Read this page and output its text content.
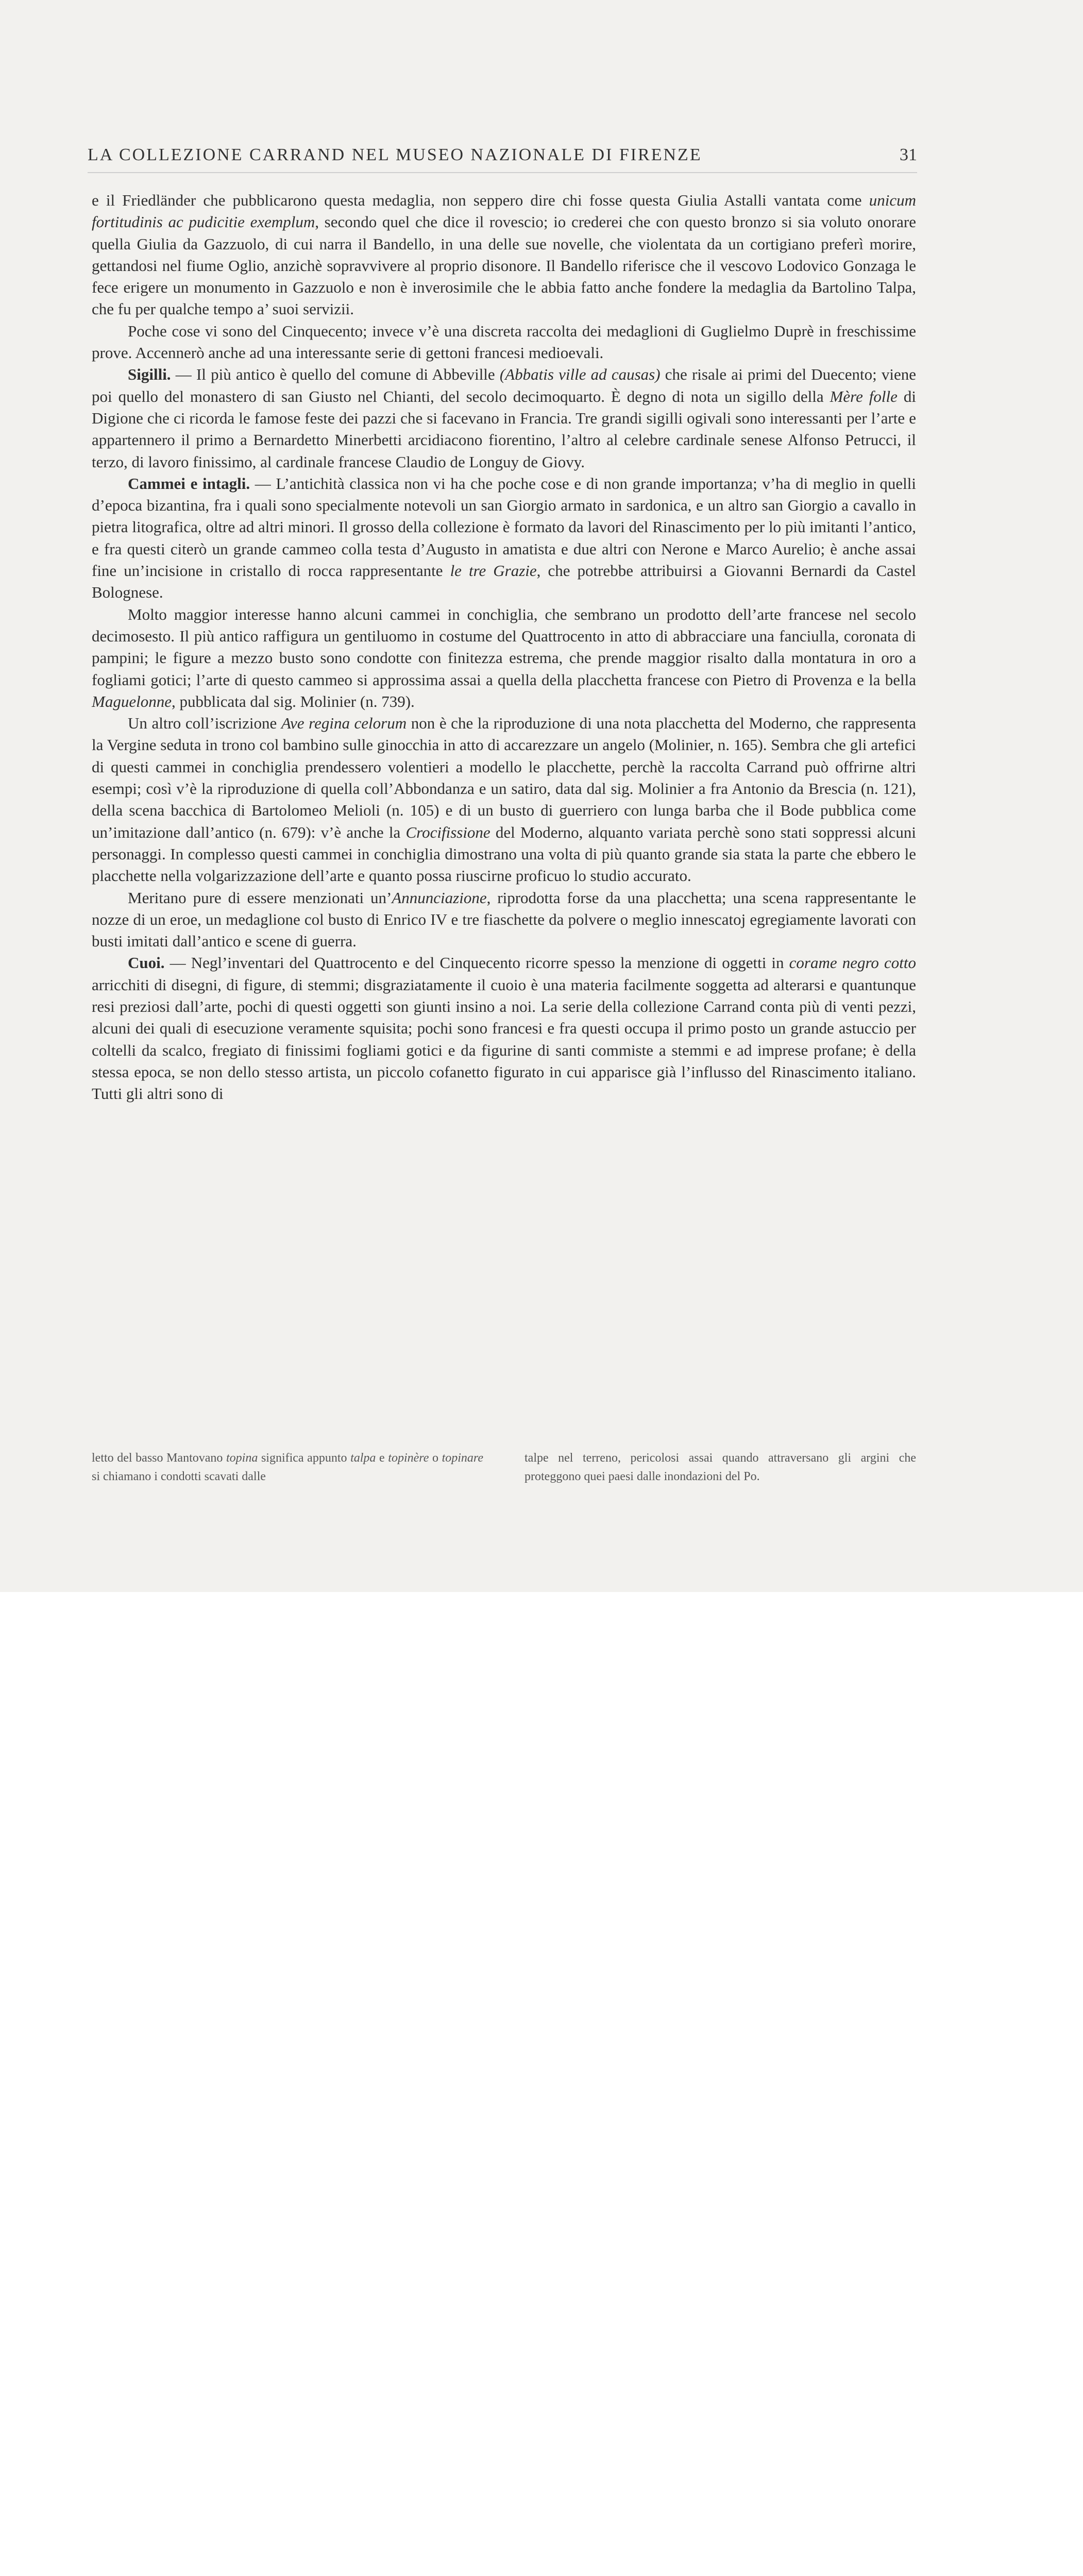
LA COLLEZIONE CARRAND NEL MUSEO NAZIONALE DI FIRENZE	31

e il Friedländer che pubblicarono questa medaglia, non seppero dire chi fosse questa Giulia Astalli vantata come unicum fortitudinis ac pudicitie exemplum, secondo quel che dice il rovescio; io crederei che con questo bronzo si sia voluto onorare quella Giulia da Gazzuolo, di cui narra il Bandello, in una delle sue novelle, che violentata da un cortigiano preferì morire, gettandosi nel fiume Oglio, anzichè sopravvivere al proprio disonore. Il Bandello riferisce che il vescovo Lodovico Gonzaga le fece erigere un monumento in Gazzuolo e non è inverosimile che le abbia fatto anche fondere la medaglia da Bartolino Talpa, che fu per qualche tempo a’ suoi servizii.

Poche cose vi sono del Cinquecento; invece v’è una discreta raccolta dei medaglioni di Guglielmo Duprè in freschissime prove. Accennerò anche ad una interessante serie di gettoni francesi medioevali.

Sigilli. — Il più antico è quello del comune di Abbeville (Abbatis ville ad causas) che risale ai primi del Duecento; viene poi quello del monastero di san Giusto nel Chianti, del secolo decimoquarto. È degno di nota un sigillo della Mère folle di Digione che ci ricorda le famose feste dei pazzi che si facevano in Francia. Tre grandi sigilli ogivali sono interessanti per l’arte e appartennero il primo a Bernardetto Minerbetti arcidiacono fiorentino, l’altro al celebre cardinale senese Alfonso Petrucci, il terzo, di lavoro finissimo, al cardinale francese Claudio de Longuy de Giovy.

Cammei e intagli. — L’antichità classica non vi ha che poche cose e di non grande importanza; v’ha di meglio in quelli d’epoca bizantina, fra i quali sono specialmente notevoli un san Giorgio armato in sardonica, e un altro san Giorgio a cavallo in pietra litografica, oltre ad altri minori. Il grosso della collezione è formato da lavori del Rinascimento per lo più imitanti l’antico, e fra questi citerò un grande cammeo colla testa d’Augusto in amatista e due altri con Nerone e Marco Aurelio; è anche assai fine un’incisione in cristallo di rocca rappresentante le tre Grazie, che potrebbe attribuirsi a Giovanni Bernardi da Castel Bolognese.

Molto maggior interesse hanno alcuni cammei in conchiglia, che sembrano un prodotto dell’arte francese nel secolo decimosesto. Il più antico raffigura un gentiluomo in costume del Quattrocento in atto di abbracciare una fanciulla, coronata di pampini; le figure a mezzo busto sono condotte con finitezza estrema, che prende maggior risalto dalla montatura in oro a fogliami gotici; l’arte di questo cammeo si approssima assai a quella della placchetta francese con Pietro di Provenza e la bella Maguelonne, pubblicata dal sig. Molinier (n. 739).

Un altro coll’iscrizione Ave regina celorum non è che la riproduzione di una nota placchetta del Moderno, che rappresenta la Vergine seduta in trono col bambino sulle ginocchia in atto di accarezzare un angelo (Molinier, n. 165). Sembra che gli artefici di questi cammei in conchiglia prendessero volentieri a modello le placchette, perchè la raccolta Carrand può offrirne altri esempi; così v’è la riproduzione di quella coll’Abbondanza e un satiro, data dal sig. Molinier a fra Antonio da Brescia (n. 121), della scena bacchica di Bartolomeo Melioli (n. 105) e di un busto di guerriero con lunga barba che il Bode pubblica come un’imitazione dall’antico (n. 679): v’è anche la Crocifissione del Moderno, alquanto variata perchè sono stati soppressi alcuni personaggi. In complesso questi cammei in conchiglia dimostrano una volta di più quanto grande sia stata la parte che ebbero le placchette nella volgarizzazione dell’arte e quanto possa riuscirne proficuo lo studio accurato.

Meritano pure di essere menzionati un’Annunciazione, riprodotta forse da una placchetta; una scena rappresentante le nozze di un eroe, un medaglione col busto di Enrico IV e tre fiaschette da polvere o meglio innescatoj egregiamente lavorati con busti imitati dall’antico e scene di guerra.

Cuoi. — Negl’inventari del Quattrocento e del Cinquecento ricorre spesso la menzione di oggetti in corame negro cotto arricchiti di disegni, di figure, di stemmi; disgraziatamente il cuoio è una materia facilmente soggetta ad alterarsi e quantunque resi preziosi dall’arte, pochi di questi oggetti son giunti insino a noi. La serie della collezione Carrand conta più di venti pezzi, alcuni dei quali di esecuzione veramente squisita; pochi sono francesi e fra questi occupa il primo posto un grande astuccio per coltelli da scalco, fregiato di finissimi fogliami gotici e da figurine di santi commiste a stemmi e ad imprese profane; è della stessa epoca, se non dello stesso artista, un piccolo cofanetto figurato in cui apparisce già l’influsso del Rinascimento italiano. Tutti gli altri sono di

letto del basso Mantovano topina significa appunto talpa e topinère o topinare si chiamano i condotti scavati dalle
talpe nel terreno, pericolosi assai quando attraversano gli argini che proteggono quei paesi dalle inondazioni del Po.
